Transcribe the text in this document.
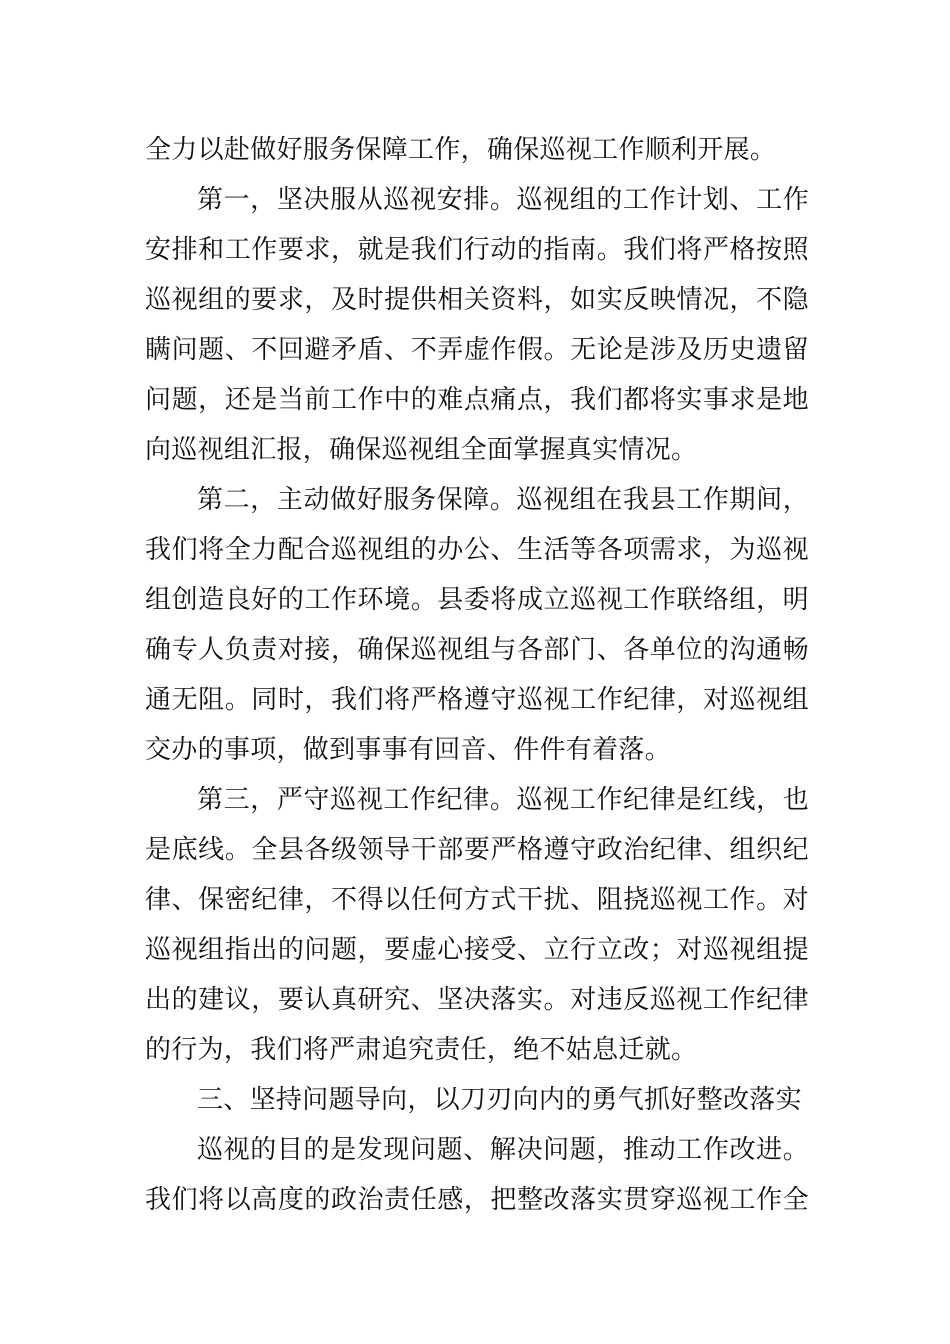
全力以赴做好服务保障工作，确保巡视工作顺利开展。
第一，坚决服从巡视安排。巡视组的工作计划、工作
安排和工作要求，就是我们行动的指南。我们将严格按照
巡视组的要求，及时提供相关资料，如实反映情况，不隐
瞒问题、不回避矛盾、不弄虚作假。无论是涉及历史遗留
问题，还是当前工作中的难点痛点，我们都将实事求是地
向巡视组汇报，确保巡视组全面掌握真实情况。
第二，主动做好服务保障。巡视组在我县工作期间，
我们将全力配合巡视组的办公、生活等各项需求，为巡视
组创造良好的工作环境。县委将成立巡视工作联络组，明
确专人负责对接，确保巡视组与各部门、各单位的沟通畅
通无阻。同时，我们将严格遵守巡视工作纪律，对巡视组
交办的事项，做到事事有回音、件件有着落。
第三，严守巡视工作纪律。巡视工作纪律是红线，也
是底线。全县各级领导干部要严格遵守政治纪律、组织纪
律、保密纪律，不得以任何方式干扰、阻挠巡视工作。对
巡视组指出的问题，要虚心接受、立行立改；对巡视组提
出的建议，要认真研究、坚决落实。对违反巡视工作纪律
的行为，我们将严肃追究责任，绝不姑息迁就。
三、坚持问题导向，以刀刃向内的勇气抓好整改落实
巡视的目的是发现问题、解决问题，推动工作改进。
我们将以高度的政治责任感，把整改落实贯穿巡视工作全
